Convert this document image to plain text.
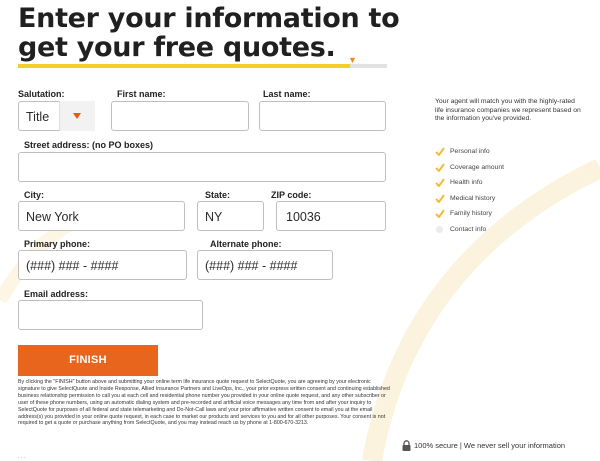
Enter your information to get your free quotes.	▼
Salutation:
Title
First name:	Last name:
Street address: (no PO boxes)
City:
New York
State:
NY
ZIP code:
10036
Primary phone:
(###) ### - ####
Alternate phone:
(###) ### - ####
Email address:
FINISH
By clicking the "FINISH" button above and submitting your online term life insurance quote request to SelectQuote, you are agreeing by your electronic signature to give SelectQuote and Inside Response, Allied Insurance Partners and LiveOps, Inc., your prior express written consent and continuing established business relationship permission to call you at each cell and residential phone number you provided in your online quote request, and any other subscriber or user of these phone numbers, using an automatic dialing system and pre-recorded and artificial voice messages any time from and after your inquiry to SelectQuote for purposes of all federal and state telemarketing and Do-Not-Call laws and your prior affirmative written consent to email you at the email address(s) you provided in your online quote request, in each case to market our products and services to you and for all other purposes. Your consent is not required to get a quote or purchase anything from SelectQuote, and you may instead reach us by phone at 1-800-670-3213.
· · ·
Your agent will match you with the highly-rated life insurance companies we represent based on the information you've provided.
Personal info
Coverage amount
Health info
Medical history
Family history
Contact info
100% secure | We never sell your information
